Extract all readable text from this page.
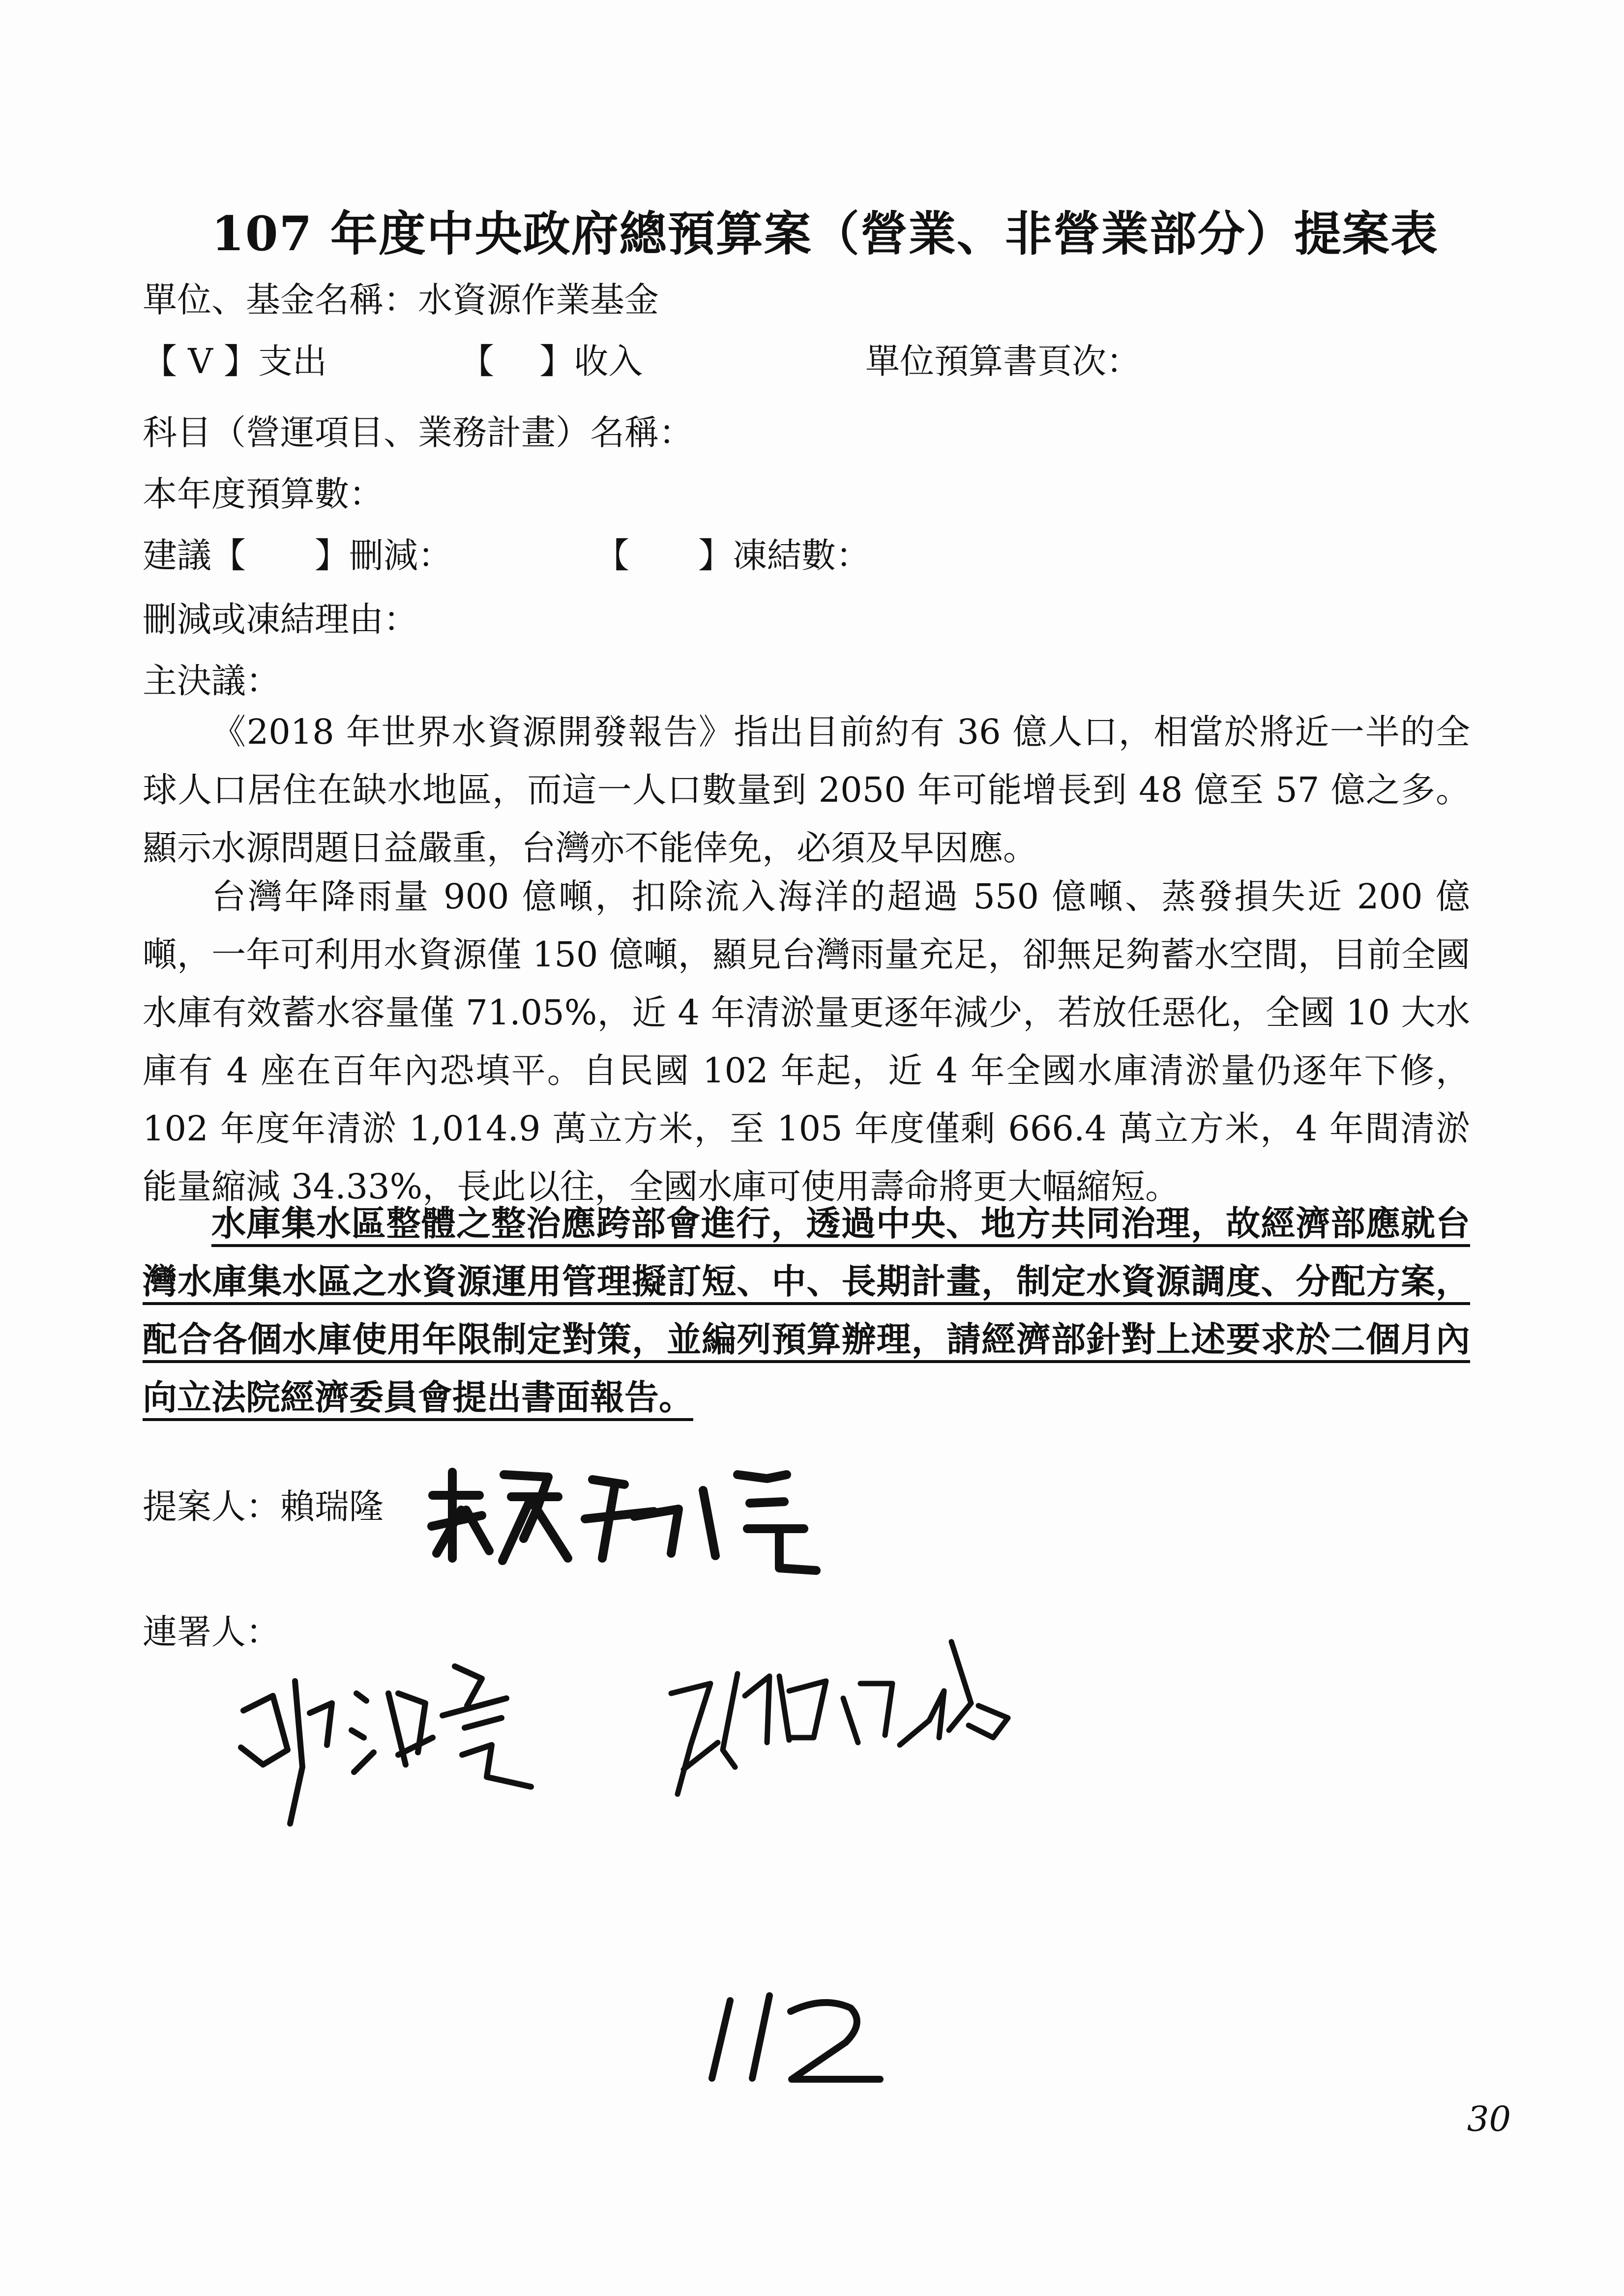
107 年度中央政府總預算案（營業、非營業部分）提案表
單位、基金名稱：水資源作業基金
【 V 】支出	【　 】收入	單位預算書頁次：
科目（營運項目、業務計畫）名稱：
本年度預算數：
建議【　　】刪減：	【　　】凍結數：
刪減或凍結理由：
主決議：

《2018 年世界水資源開發報告》指出目前約有 36 億人口，相當於將近一半的全球人口居住在缺水地區，而這一人口數量到 2050 年可能增長到 48 億至 57 億之多。顯示水源問題日益嚴重，台灣亦不能倖免，必須及早因應。

台灣年降雨量 900 億噸，扣除流入海洋的超過 550 億噸、蒸發損失近 200 億噸，一年可利用水資源僅 150 億噸，顯見台灣雨量充足，卻無足夠蓄水空間，目前全國水庫有效蓄水容量僅 71.05%，近 4 年清淤量更逐年減少，若放任惡化，全國 10 大水庫有 4 座在百年內恐填平。自民國 102 年起，近 4 年全國水庫清淤量仍逐年下修，102 年度年清淤 1,014.9 萬立方米，至 105 年度僅剩 666.4 萬立方米，4 年間清淤能量縮減 34.33%，長此以往，全國水庫可使用壽命將更大幅縮短。

水庫集水區整體之整治應跨部會進行，透過中央、地方共同治理，故經濟部應就台灣水庫集水區之水資源運用管理擬訂短、中、長期計畫，制定水資源調度、分配方案，配合各個水庫使用年限制定對策，並編列預算辦理，請經濟部針對上述要求於二個月內向立法院經濟委員會提出書面報告。

提案人：賴瑞隆
連署人：
30
